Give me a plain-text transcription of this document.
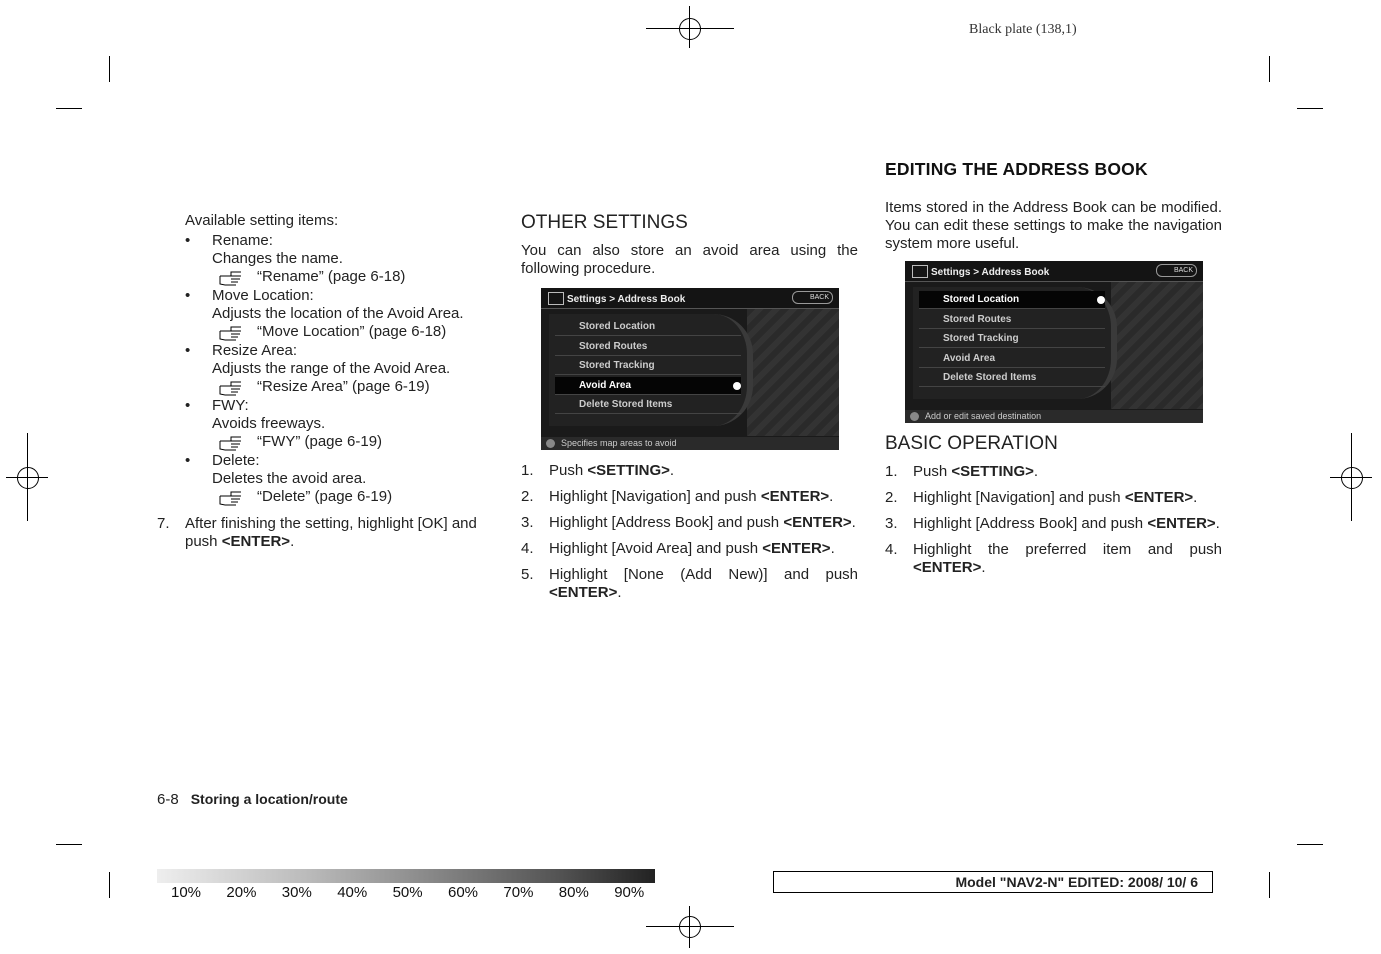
Black plate (138,1)
Available setting items:
• Rename:
Changes the name.
“Rename” (page 6-18)
• Move Location:
Adjusts the location of the Avoid Area.
“Move Location” (page 6-18)
• Resize Area:
Adjusts the range of the Avoid Area.
“Resize Area” (page 6-19)
• FWY:
Avoids freeways.
“FWY” (page 6-19)
• Delete:
Deletes the avoid area.
“Delete” (page 6-19)
7. After finishing the setting, highlight [OK] and push <ENTER>.
OTHER SETTINGS
You can also store an avoid area using the following procedure.
Settings > Address Book	BACK
Stored Location
Stored Routes
Stored Tracking
Avoid Area
Delete Stored Items
Specifies map areas to avoid
1. Push <SETTING>.
2. Highlight [Navigation] and push <ENTER>.
3. Highlight [Address Book] and push <ENTER>.
4. Highlight [Avoid Area] and push <ENTER>.
5. Highlight [None (Add New)] and push <ENTER>.
EDITING THE ADDRESS BOOK
Items stored in the Address Book can be modified. You can edit these settings to make the navigation system more useful.
Settings > Address Book	BACK
Stored Location
Stored Routes
Stored Tracking
Avoid Area
Delete Stored Items
Add or edit saved destination
BASIC OPERATION
1. Push <SETTING>.
2. Highlight [Navigation] and push <ENTER>.
3. Highlight [Address Book] and push <ENTER>.
4. Highlight the preferred item and push <ENTER>.
6-8 Storing a location/route
10% 20% 30% 40% 50% 60% 70% 80% 90%
Model "NAV2-N" EDITED: 2008/ 10/ 6
